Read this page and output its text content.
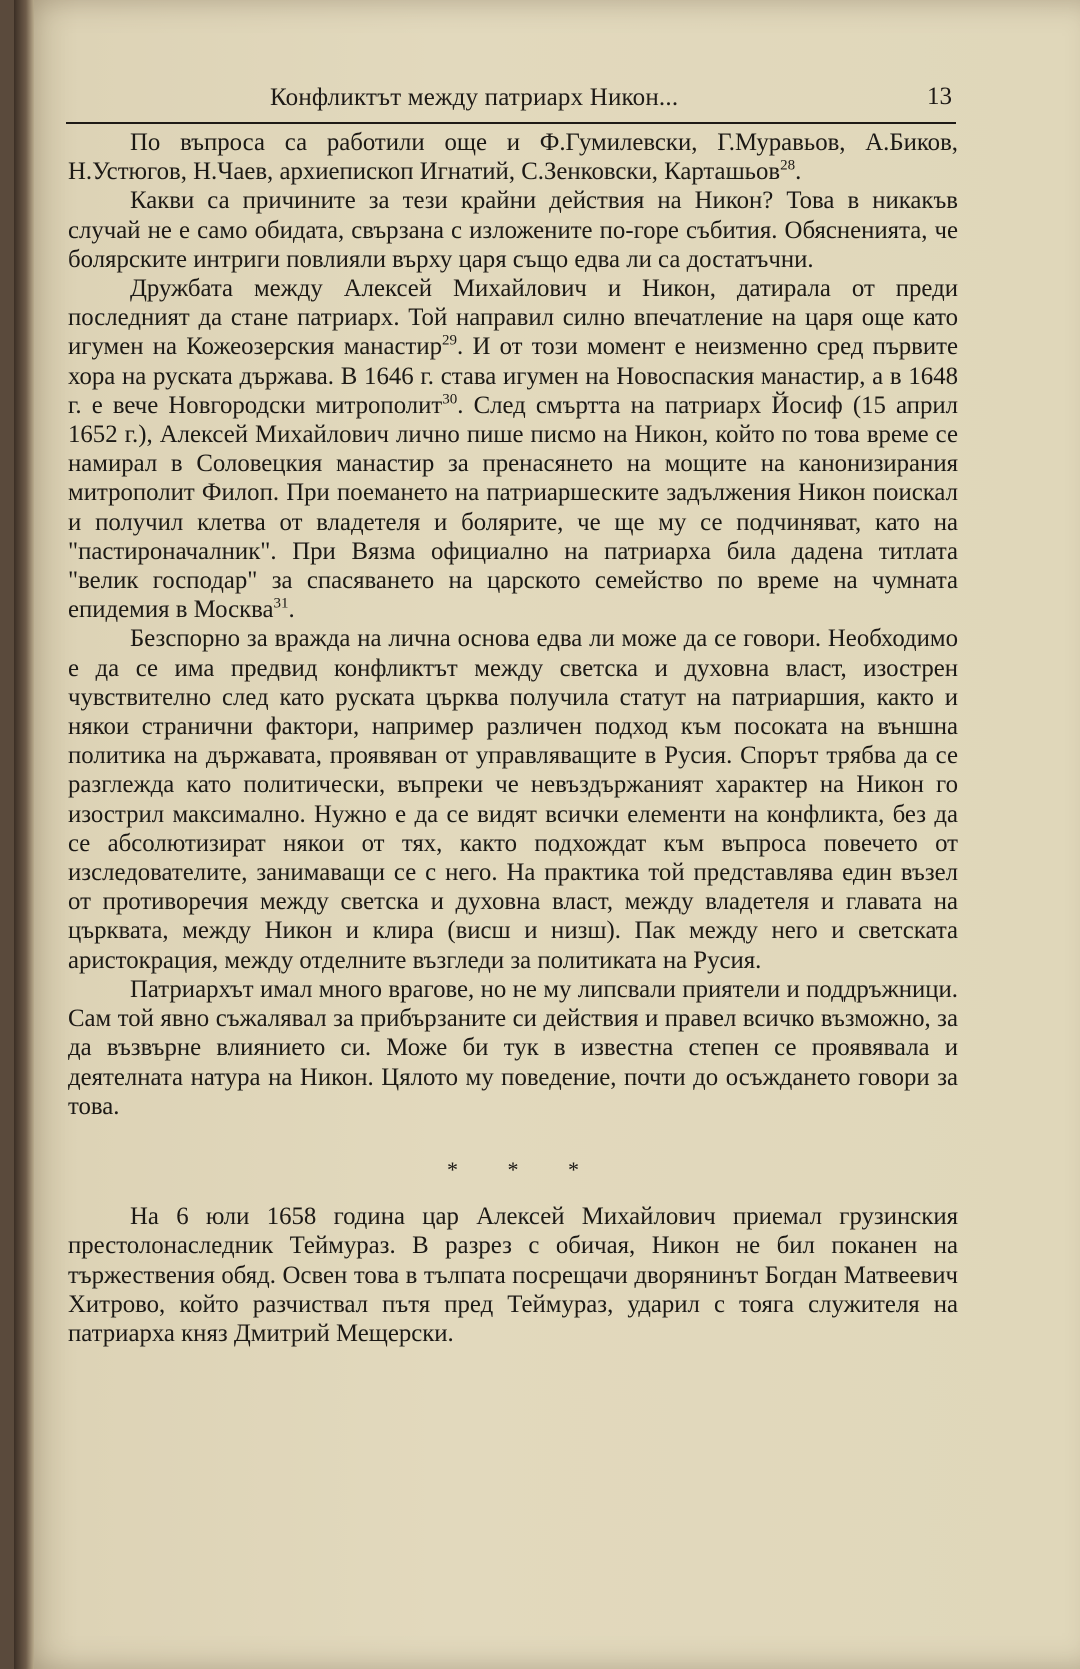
Конфликтът между патриарх Никон...	13

По въпроса са работили още и Ф.Гумилевски, Г.Муравьов, А.Биков, Н.Устюгов, Н.Чаев, архиепископ Игнатий, С.Зенковски, Карташьов$^{28}$.

Какви са причините за тези крайни действия на Никон? Това в никакъв случай не е само обидата, свързана с изложените по-горе събития. Обясненията, че болярските интриги повлияли върху царя също едва ли са достатъчни.

Дружбата между Алексей Михайлович и Никон, датирала от преди последният да стане патриарх. Той направил силно впечатление на царя още като игумен на Кожеозерския манастир$^{29}$. И от този момент е неизменно сред първите хора на руската държава. В 1646 г. става игумен на Новоспаския манастир, а в 1648 г. е вече Новгородски митрополит$^{30}$. След смъртта на патриарх Йосиф (15 април 1652 г.), Алексей Михайлович лично пише писмо на Никон, който по това време се намирал в Соловецкия манастир за пренасянето на мощите на канонизирания митрополит Филоп. При поемането на патриаршеските задължения Никон поискал и получил клетва от владетеля и болярите, че ще му се подчиняват, като на "пастироначалник". При Вязма официално на патриарха била дадена титлата "велик господар" за спасяването на царското семейство по време на чумната епидемия в Москва$^{31}$.

Безспорно за вражда на лична основа едва ли може да се говори. Необходимо е да се има предвид конфликтът между светска и духовна власт, изострен чувствително след като руската църква получила статут на патриаршия, както и някои странични фактори, например различен подход към посоката на външна политика на държавата, проявяван от управляващите в Русия. Спорът трябва да се разглежда като политически, въпреки че невъздържаният характер на Никон го изострил максимално. Нужно е да се видят всички елементи на конфликта, без да се абсолютизират някои от тях, както подхождат към въпроса повечето от изследователите, занимаващи се с него. На практика той представлява един възел от противоречия между светска и духовна власт, между владетеля и главата на църквата, между Никон и клира (висш и низш). Пак между него и светската аристокрация, между отделните възгледи за политиката на Русия.

Патриархът имал много врагове, но не му липсвали приятели и поддръжници. Сам той явно съжалявал за прибързаните си действия и правел всичко възможно, за да възвърне влиянието си. Може би тук в известна степен се проявявала и деятелната натура на Никон. Цялото му поведение, почти до осъждането говори за това.

* * *

На 6 юли 1658 година цар Алексей Михайлович приемал грузинския престолонаследник Теймураз. В разрез с обичая, Никон не бил поканен на тържествения обяд. Освен това в тълпата посрещачи дворянинът Богдан Матвеевич Хитрово, който разчиствал пътя пред Теймураз, ударил с тояга служителя на патриарха княз Дмитрий Мещерски.
